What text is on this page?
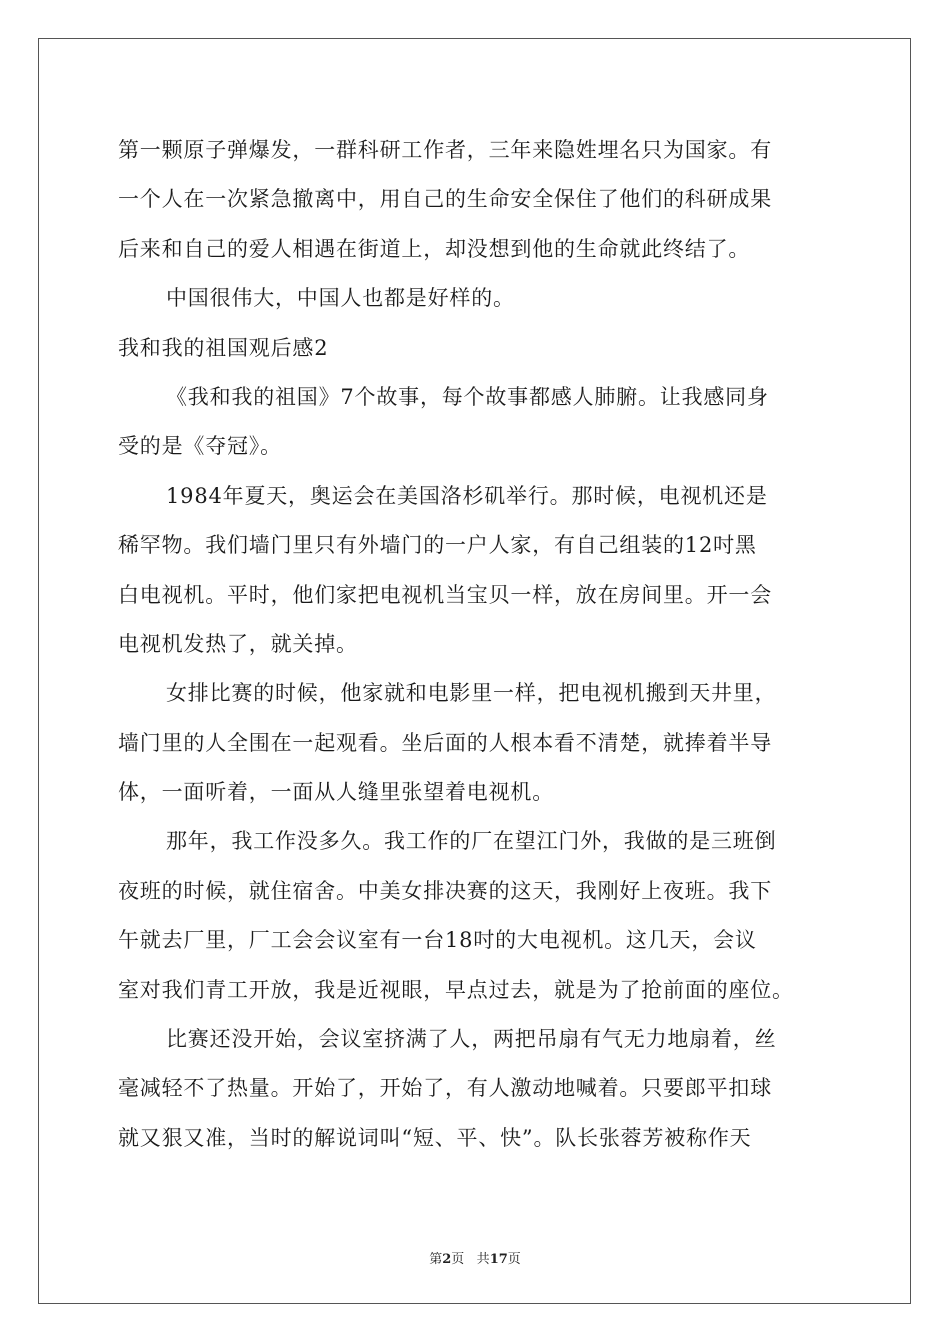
第一颗原子弹爆发，一群科研工作者，三年来隐姓埋名只为国家。有
一个人在一次紧急撤离中，用自己的生命安全保住了他们的科研成果
后来和自己的爱人相遇在街道上，却没想到他的生命就此终结了。
中国很伟大，中国人也都是好样的。
我和我的祖国观后感2
《我和我的祖国》7个故事，每个故事都感人肺腑。让我感同身
受的是《夺冠》。
1984年夏天，奥运会在美国洛杉矶举行。那时候，电视机还是
稀罕物。我们墙门里只有外墙门的一户人家，有自己组装的12吋黑
白电视机。平时，他们家把电视机当宝贝一样，放在房间里。开一会
电视机发热了，就关掉。
女排比赛的时候，他家就和电影里一样，把电视机搬到天井里，
墙门里的人全围在一起观看。坐后面的人根本看不清楚，就捧着半导
体，一面听着，一面从人缝里张望着电视机。
那年，我工作没多久。我工作的厂在望江门外，我做的是三班倒
夜班的时候，就住宿舍。中美女排决赛的这天，我刚好上夜班。我下
午就去厂里，厂工会会议室有一台18吋的大电视机。这几天，会议
室对我们青工开放，我是近视眼，早点过去，就是为了抢前面的座位。
比赛还没开始，会议室挤满了人，两把吊扇有气无力地扇着，丝
毫减轻不了热量。开始了，开始了，有人激动地喊着。只要郎平扣球
就又狠又准，当时的解说词叫“短、平、快”。队长张蓉芳被称作天
第2页 共17页
